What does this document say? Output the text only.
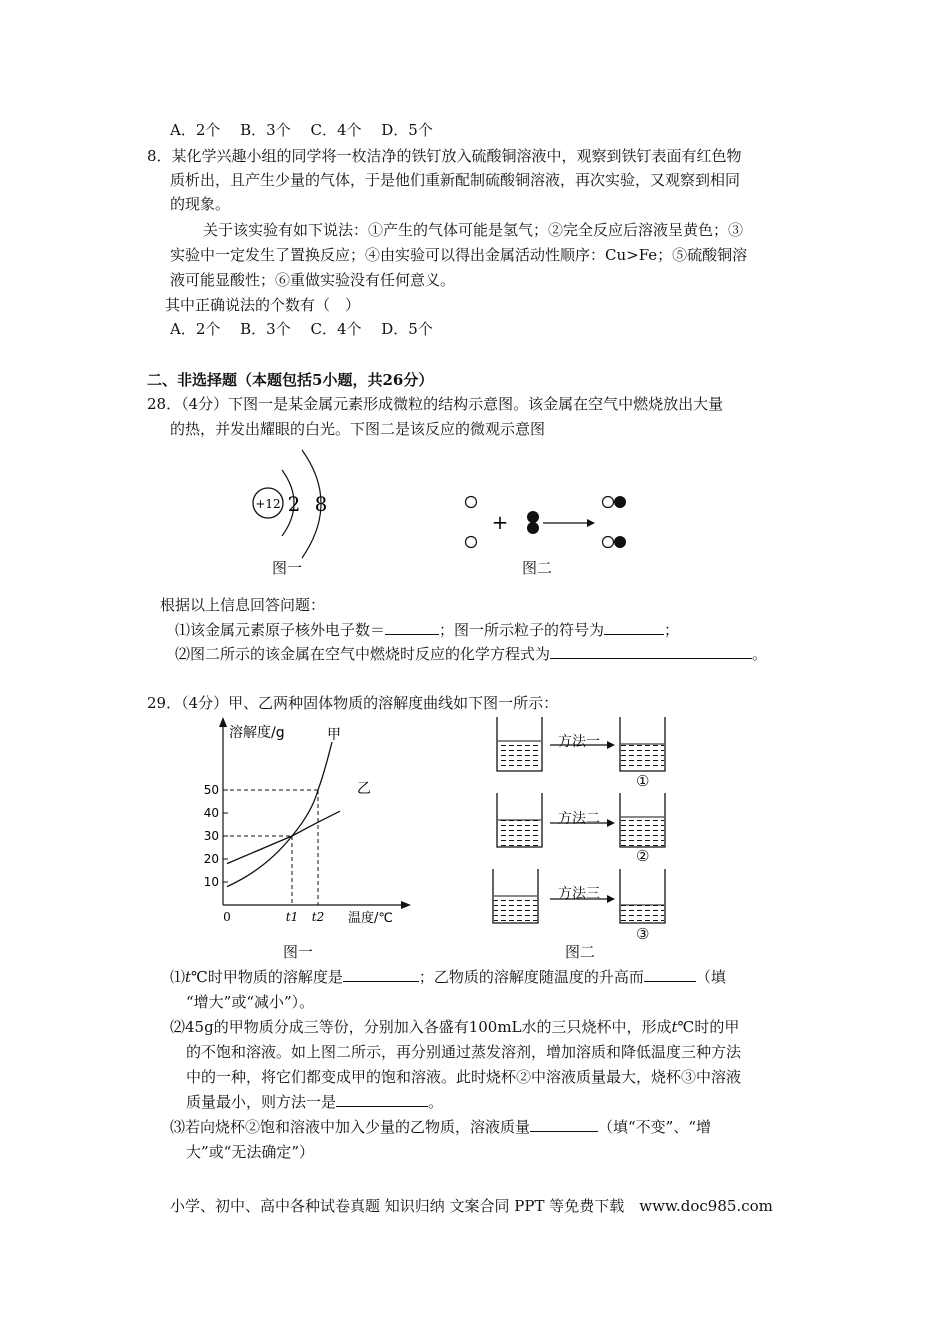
A．2个　 B．3个　 C．4个　 D．5个
8．某化学兴趣小组的同学将一枚洁净的铁钉放入硫酸铜溶液中，观察到铁钉表面有红色物
质析出，且产生少量的气体，于是他们重新配制硫酸铜溶液，再次实验，又观察到相同
的现象。
关于该实验有如下说法：①产生的气体可能是氢气；②完全反应后溶液呈黄色；③
实验中一定发生了置换反应；④由实验可以得出金属活动性顺序：Cu>Fe；⑤硫酸铜溶
液可能显酸性；⑥重做实验没有任何意义。
其中正确说法的个数有（　）
A．2个　 B．3个　 C．4个　 D．5个
二、非选择题（本题包括5小题，共26分）
28．（4分）下图一是某金属元素形成微粒的结构示意图。该金属在空气中燃烧放出大量
的热，并发出耀眼的白光。下图二是该反应的微观示意图
+12 2 8
图一
+
图二
根据以上信息回答问题：
⑴该金属元素原子核外电子数＝	；图一所示粒子的符号为	；
⑵图二所示的该金属在空气中燃烧时反应的化学方程式为	。
29．（4分）甲、乙两种固体物质的溶解度曲线如下图一所示：
溶解度/g
温度/℃
10
20
30
40
50
0	t1 t2
甲
乙
图一
方法一
方法二
方法三
①
②
③
图二
⑴t℃时甲物质的溶解度是	；乙物质的溶解度随温度的升高而	（填
“增大”或“减小”）。
⑵45g的甲物质分成三等份，分别加入各盛有100mL水的三只烧杯中，形成t℃时的甲
的不饱和溶液。如上图二所示，再分别通过蒸发溶剂，增加溶质和降低温度三种方法
中的一种，将它们都变成甲的饱和溶液。此时烧杯②中溶液质量最大，烧杯③中溶液
质量最小，则方法一是	。
⑶若向烧杯②饱和溶液中加入少量的乙物质，溶液质量	（填“不变”、“增
大”或“无法确定”）
小学、初中、高中各种试卷真题 知识归纳 文案合同 PPT 等免费下载　www.doc985.com
